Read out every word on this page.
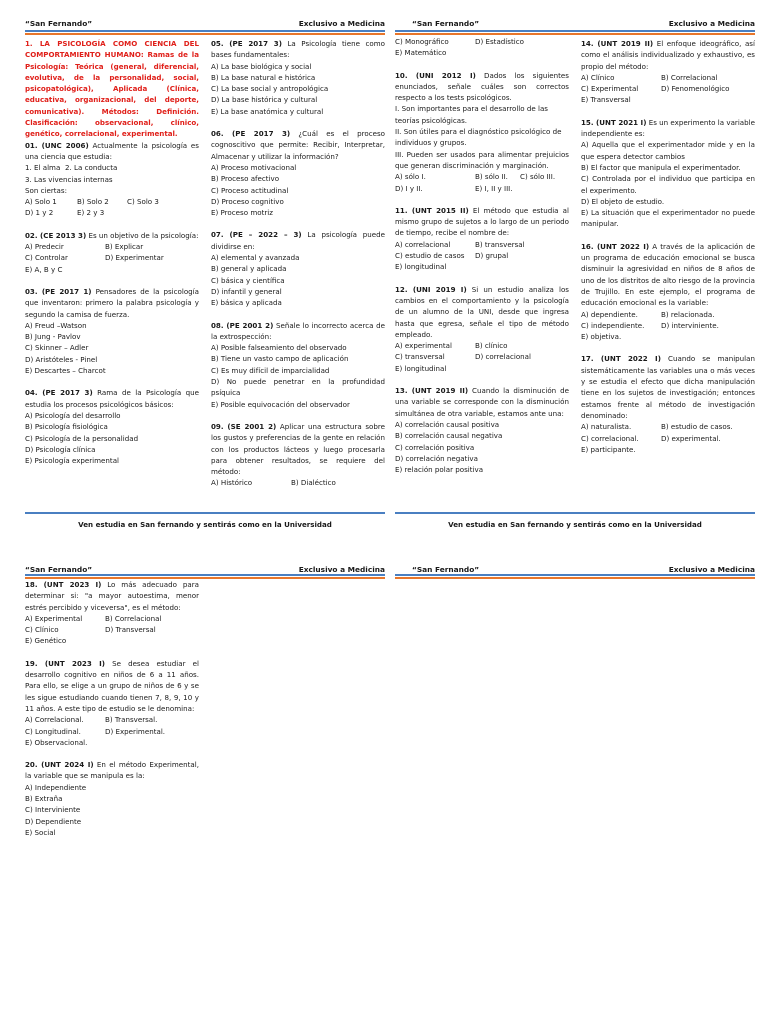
“San Fernando”	Exclusivo a Medicina
1. LA PSICOLOGÍA COMO CIENCIA DEL COMPORTAMIENTO HUMANO: Ramas de la Psicología: Teórica (general, diferencial, evolutiva, de la personalidad, social, psicopatológica), Aplicada (Clínica, educativa, organizacional, del deporte, comunicativa). Métodos: Definición. Clasificación: observacional, clínico, genético, correlacional, experimental.
01. (UNC 2006) Actualmente la psicología es una ciencia que estudia:
1. El alma 2. La conducta
3. Las vivencias internas
Son ciertas:
A) Solo 1	B) Solo 2	C) Solo 3
D) 1 y 2	E) 2 y 3
02. (CE 2013 3) Es un objetivo de la psicología:
A) Predecir	B) Explicar
C) Controlar	D) Experimentar
E) A, B y C
03. (PE 2017 1) Pensadores de la psicología que inventaron: primero la palabra psicología y segundo la camisa de fuerza.
A) Freud –Watson
B) Jung - Pavlov
C) Skinner – Adler
D) Aristóteles - Pinel
E) Descartes – Charcot
04. (PE 2017 3) Rama de la Psicología que estudia los procesos psicológicos básicos:
A) Psicología del desarrollo
B) Psicología fisiológica
C) Psicología de la personalidad
D) Psicología clínica
E) Psicología experimental
05. (PE 2017 3) La Psicología tiene como bases fundamentales:
A) La base biológica y social
B) La base natural e histórica
C) La base social y antropológica
D) La base histórica y cultural
E) La base anatómica y cultural
06. (PE 2017 3) ¿Cuál es el proceso cognoscitivo que permite: Recibir, Interpretar, Almacenar y utilizar la información?
A) Proceso motivacional
B) Proceso afectivo
C) Proceso actitudinal
D) Proceso cognitivo
E) Proceso motriz
07. (PE – 2022 – 3) La psicología puede dividirse en:
A) elemental y avanzada
B) general y aplicada
C) básica y científica
D) infantil y general
E) básica y aplicada
08. (PE 2001 2) Señale lo incorrecto acerca de la extrospección:
A) Posible falseamiento del observado
B) Tiene un vasto campo de aplicación
C) Es muy difícil de imparcialidad
D) No puede penetrar en la profundidad psíquica
E) Posible equivocación del observador
09. (SE 2001 2) Aplicar una estructura sobre los gustos y preferencias de la gente en relación con los productos lácteos y luego procesarla para obtener resultados, se requiere del método:
A) Histórico	B) Dialéctico
Ven estudia en San fernando y sentirás como en la Universidad
“San Fernando”	Exclusivo a Medicina
C) Monográfico	D) Estadístico
E) Matemático
10. (UNI 2012 I) Dados los siguientes enunciados, señale cuáles son correctos respecto a los tests psicológicos.
I. Son importantes para el desarrollo de las teorías psicológicas.
II. Son útiles para el diagnóstico psicológico de individuos y grupos.
III. Pueden ser usados para alimentar prejuicios que generan discriminación y marginación.
A) sólo I.	B) sólo II.	C) sólo III.
D) I y II.	E) I, II y III.
11. (UNT 2015 II) El método que estudia al mismo grupo de sujetos a lo largo de un periodo de tiempo, recibe el nombre de:
A) correlacional	B) transversal
C) estudio de casos	D) grupal
E) longitudinal
12. (UNI 2019 I) Si un estudio analiza los cambios en el comportamiento y la psicología de un alumno de la UNI, desde que ingresa hasta que egresa, señale el tipo de método empleado.
A) experimental	B) clínico
C) transversal	D) correlacional
E) longitudinal
13. (UNT 2019 II) Cuando la disminución de una variable se corresponde con la disminución simultánea de otra variable, estamos ante una:
A) correlación causal positiva
B) correlación causal negativa
C) correlación positiva
D) correlación negativa
E) relación polar positiva
14. (UNT 2019 II) El enfoque ideográfico, así como el análisis individualizado y exhaustivo, es propio del método:
A) Clínico	B) Correlacional
C) Experimental	D) Fenomenológico
E) Transversal
15. (UNT 2021 I) Es un experimento la variable independiente es:
A) Aquella que el experimentador mide y en la que espera detector cambios
B) El factor que manipula el experimentador.
C) Controlada por el individuo que participa en el experimento.
D) El objeto de estudio.
E) La situación que el experimentador no puede manipular.
16. (UNT 2022 I) A través de la aplicación de un programa de educación emocional se busca disminuir la agresividad en niños de 8 años de uno de los distritos de alto riesgo de la provincia de Trujillo. En este ejemplo, el programa de educación emocional es la variable:
A) dependiente.	B) relacionada.
C) independiente.	D) interviniente.
E) objetiva.
17. (UNT 2022 I) Cuando se manipulan sistemáticamente las variables una o más veces y se estudia el efecto que dicha manipulación tiene en los sujetos de investigación; entonces estamos frente al método de investigación denominado:
A) naturalista.	B) estudio de casos.
C) correlacional.	D) experimental.
E) participante.
Ven estudia en San fernando y sentirás como en la Universidad
“San Fernando”	Exclusivo a Medicina
18. (UNT 2023 I) Lo más adecuado para determinar si: "a mayor autoestima, menor estrés percibido y viceversa", es el método:
A) Experimental	B) Correlacional
C) Clínico	D) Transversal
E) Genético
19. (UNT 2023 I) Se desea estudiar el desarrollo cognitivo en niños de 6 a 11 años. Para ello, se elige a un grupo de niños de 6 y se les sigue estudiando cuando tienen 7, 8, 9, 10 y 11 años. A este tipo de estudio se le denomina:
A) Correlacional.	B) Transversal.
C) Longitudinal.	D) Experimental.
E) Observacional.
20. (UNT 2024 I) En el método Experimental, la variable que se manipula es la:
A) Independiente
B) Extraña
C) Interviniente
D) Dependiente
E) Social
“San Fernando”	Exclusivo a Medicina
